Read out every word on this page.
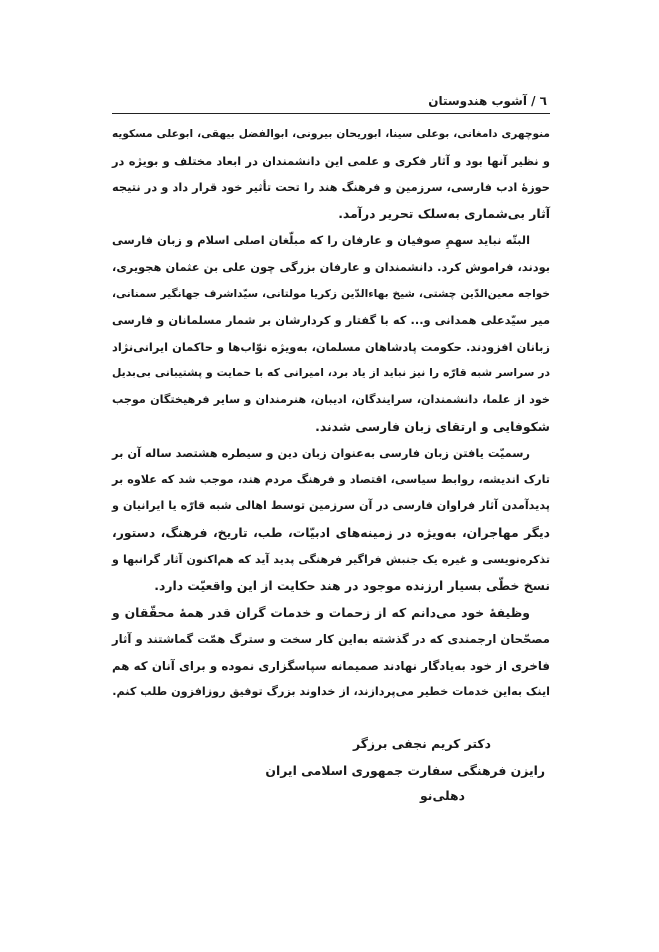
٦ / آشوب هندوستان
منوچهری دامغانی، بوعلی سینا، ابوریحان بیرونی، ابوالفضل بیهقی، ابوعلی مسکویه
و نظیر آنها بود و آثار فکری و علمی این دانشمندان در ابعاد مختلف و بویژه در
حوزهٔ ادب فارسی، سرزمین و فرهنگ هند را تحت تأثیر خود قرار داد و در نتیجه
آثار بی‌شماری به‌سلک تحریر درآمد.
البتّه نباید سهمِ صوفیان و عارفان را که مبلّغان اصلی اسلام و زبان فارسی
بودند، فراموش کرد. دانشمندان و عارفان بزرگی چون علی بن عثمان هجویری،
خواجه معین‌الدّین چشتی، شیخ بهاءالدّین زکریا مولتانی، سیّداشرف جهانگیر سمنانی،
میر سیّدعلی همدانی و... که با گفتار و کردارشان بر شمار مسلمانان و فارسی
زبانان افزودند. حکومت پادشاهان مسلمان، به‌ویژه نوّاب‌ها و حاکمان ایرانی‌نژاد
در سراسر شبه قارّه را نیز نباید از یاد برد، امیرانی که با حمایت و پشتیبانی بی‌بدیل
خود از علما، دانشمندان، سرایندگان، ادیبان، هنرمندان و سایر فرهیختگان موجب
شکوفایی و ارتقای زبان فارسی شدند.
رسمیّت یافتن زبان فارسی به‌عنوان زبان دین و سیطره هشتصد ساله آن بر
تارک اندیشه، روابط سیاسی، اقتصاد و فرهنگ مردم هند، موجب شد که علاوه بر
پدیدآمدن آثار فراوان فارسی در آن سرزمین توسط اهالی شبه قارّه یا ایرانیان و
دیگر مهاجران، به‌ویژه در زمینه‌های ادبیّات، طب، تاریخ، فرهنگ، دستور،
تذکره‌نویسی و غیره یک جنبش فراگیر فرهنگی پدید آید که هم‌اکنون آثار گرانبها و
نسخ خطّی بسیار ارزنده موجود در هند حکایت از این واقعیّت دارد.
وظیفهٔ خود می‌دانم که از زحمات و خدمات گران قدر همهٔ محقّقان و
مصحّحان ارجمندی که در گذشته به‌این کار سخت و سترگ همّت گماشتند و آثار
فاخری از خود به‌یادگار نهادند صمیمانه سپاسگزاری نموده و برای آنان که هم
اینک به‌این خدمات خطیر می‌پردازند، از خداوند بزرگ توفیق روزافزون طلب کنم.
دکتر کریم نجفی برزگر
رایزن فرهنگی سفارت جمهوری اسلامی ایران
دهلی‌نو
